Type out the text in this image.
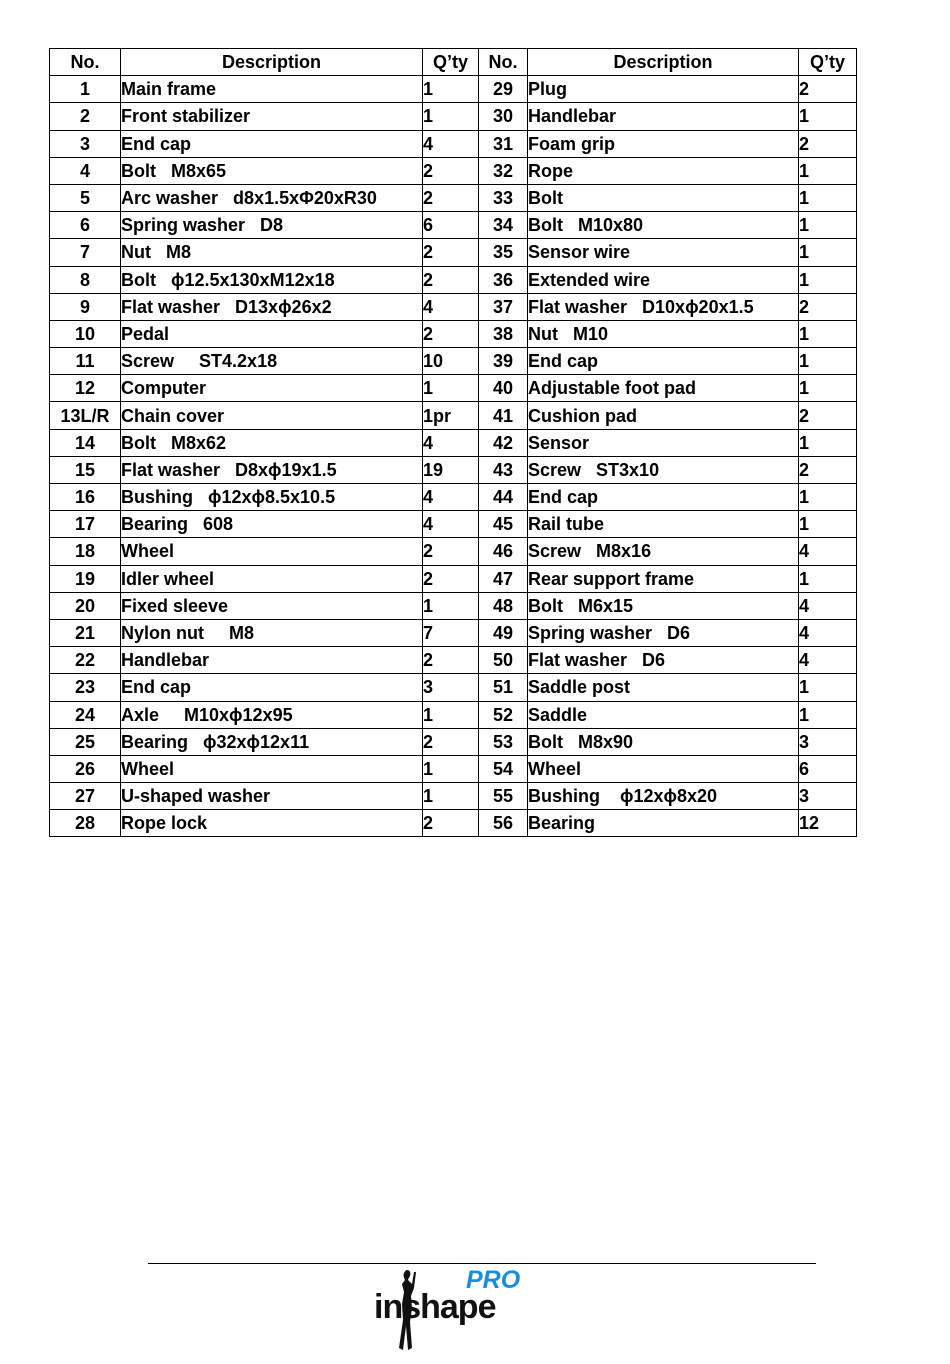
No.	Description	Q’ty	No.	Description	Q’ty
1	Main frame	1	29	Plug	2
2	Front stabilizer	1	30	Handlebar	1
3	End cap	4	31	Foam grip	2
4	Bolt   M8x65	2	32	Rope	1
5	Arc washer   d8x1.5xΦ20xR30	2	33	Bolt	1
6	Spring washer   D8	6	34	Bolt   M10x80	1
7	Nut   M8	2	35	Sensor wire	1
8	Bolt   ϕ12.5x130xM12x18	2	36	Extended wire	1
9	Flat washer   D13xϕ26x2	4	37	Flat washer   D10xϕ20x1.5	2
10	Pedal	2	38	Nut   M10	1
11	Screw     ST4.2x18	10	39	End cap	1
12	Computer	1	40	Adjustable foot pad	1
13L/R	Chain cover	1pr	41	Cushion pad	2
14	Bolt   M8x62	4	42	Sensor	1
15	Flat washer   D8xϕ19x1.5	19	43	Screw   ST3x10	2
16	Bushing   ϕ12xϕ8.5x10.5	4	44	End cap	1
17	Bearing   608	4	45	Rail tube	1
18	Wheel	2	46	Screw   M8x16	4
19	Idler wheel	2	47	Rear support frame	1
20	Fixed sleeve	1	48	Bolt   M6x15	4
21	Nylon nut     M8	7	49	Spring washer   D6	4
22	Handlebar	2	50	Flat washer   D6	4
23	End cap	3	51	Saddle post	1
24	Axle     M10xϕ12x95	1	52	Saddle	1
25	Bearing   ϕ32xϕ12x11	2	53	Bolt   M8x90	3
26	Wheel	1	54	Wheel	6
27	U-shaped washer	1	55	Bushing    ϕ12xϕ8x20	3
28	Rope lock	2	56	Bearing	12
inshape
PRO
